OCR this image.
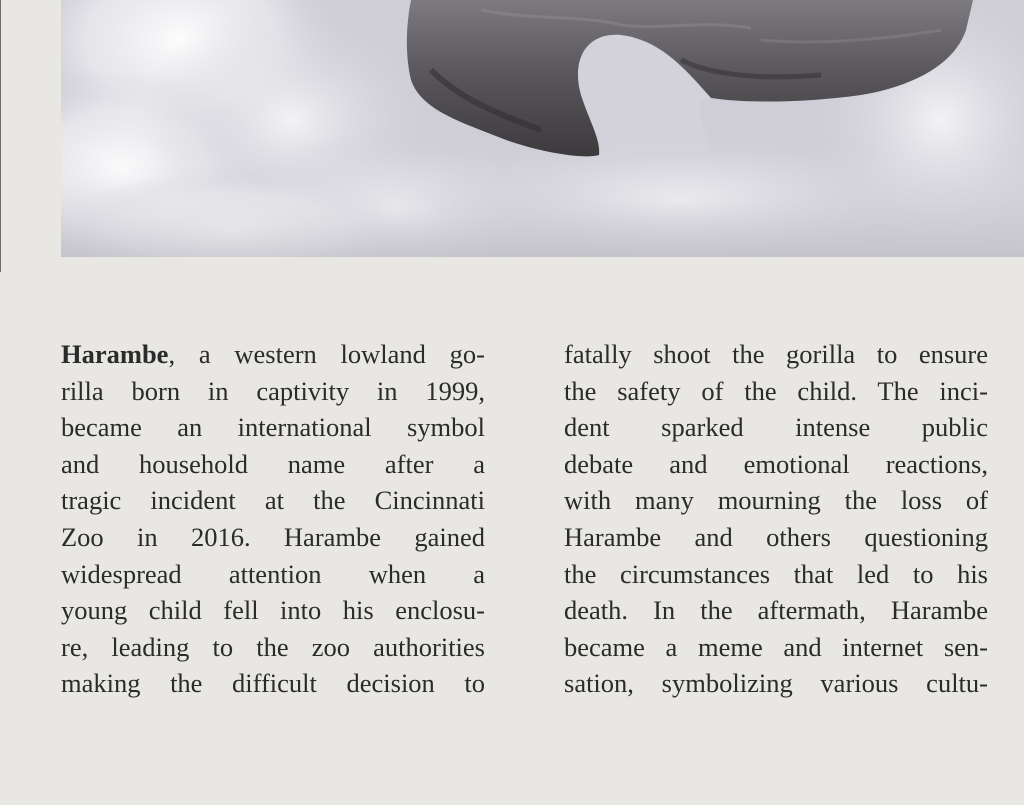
Harambe, a western lowland go-
rilla born in captivity in 1999,
became an international symbol
and household name after a
tragic incident at the Cincinnati
Zoo in 2016. Harambe gained
widespread attention when a
young child fell into his enclosu-
re, leading to the zoo authorities
making the difficult decision to
fatally shoot the gorilla to ensure
the safety of the child. The inci-
dent sparked intense public
debate and emotional reactions,
with many mourning the loss of
Harambe and others questioning
the circumstances that led to his
death. In the aftermath, Harambe
became a meme and internet sen-
sation, symbolizing various cultu-
